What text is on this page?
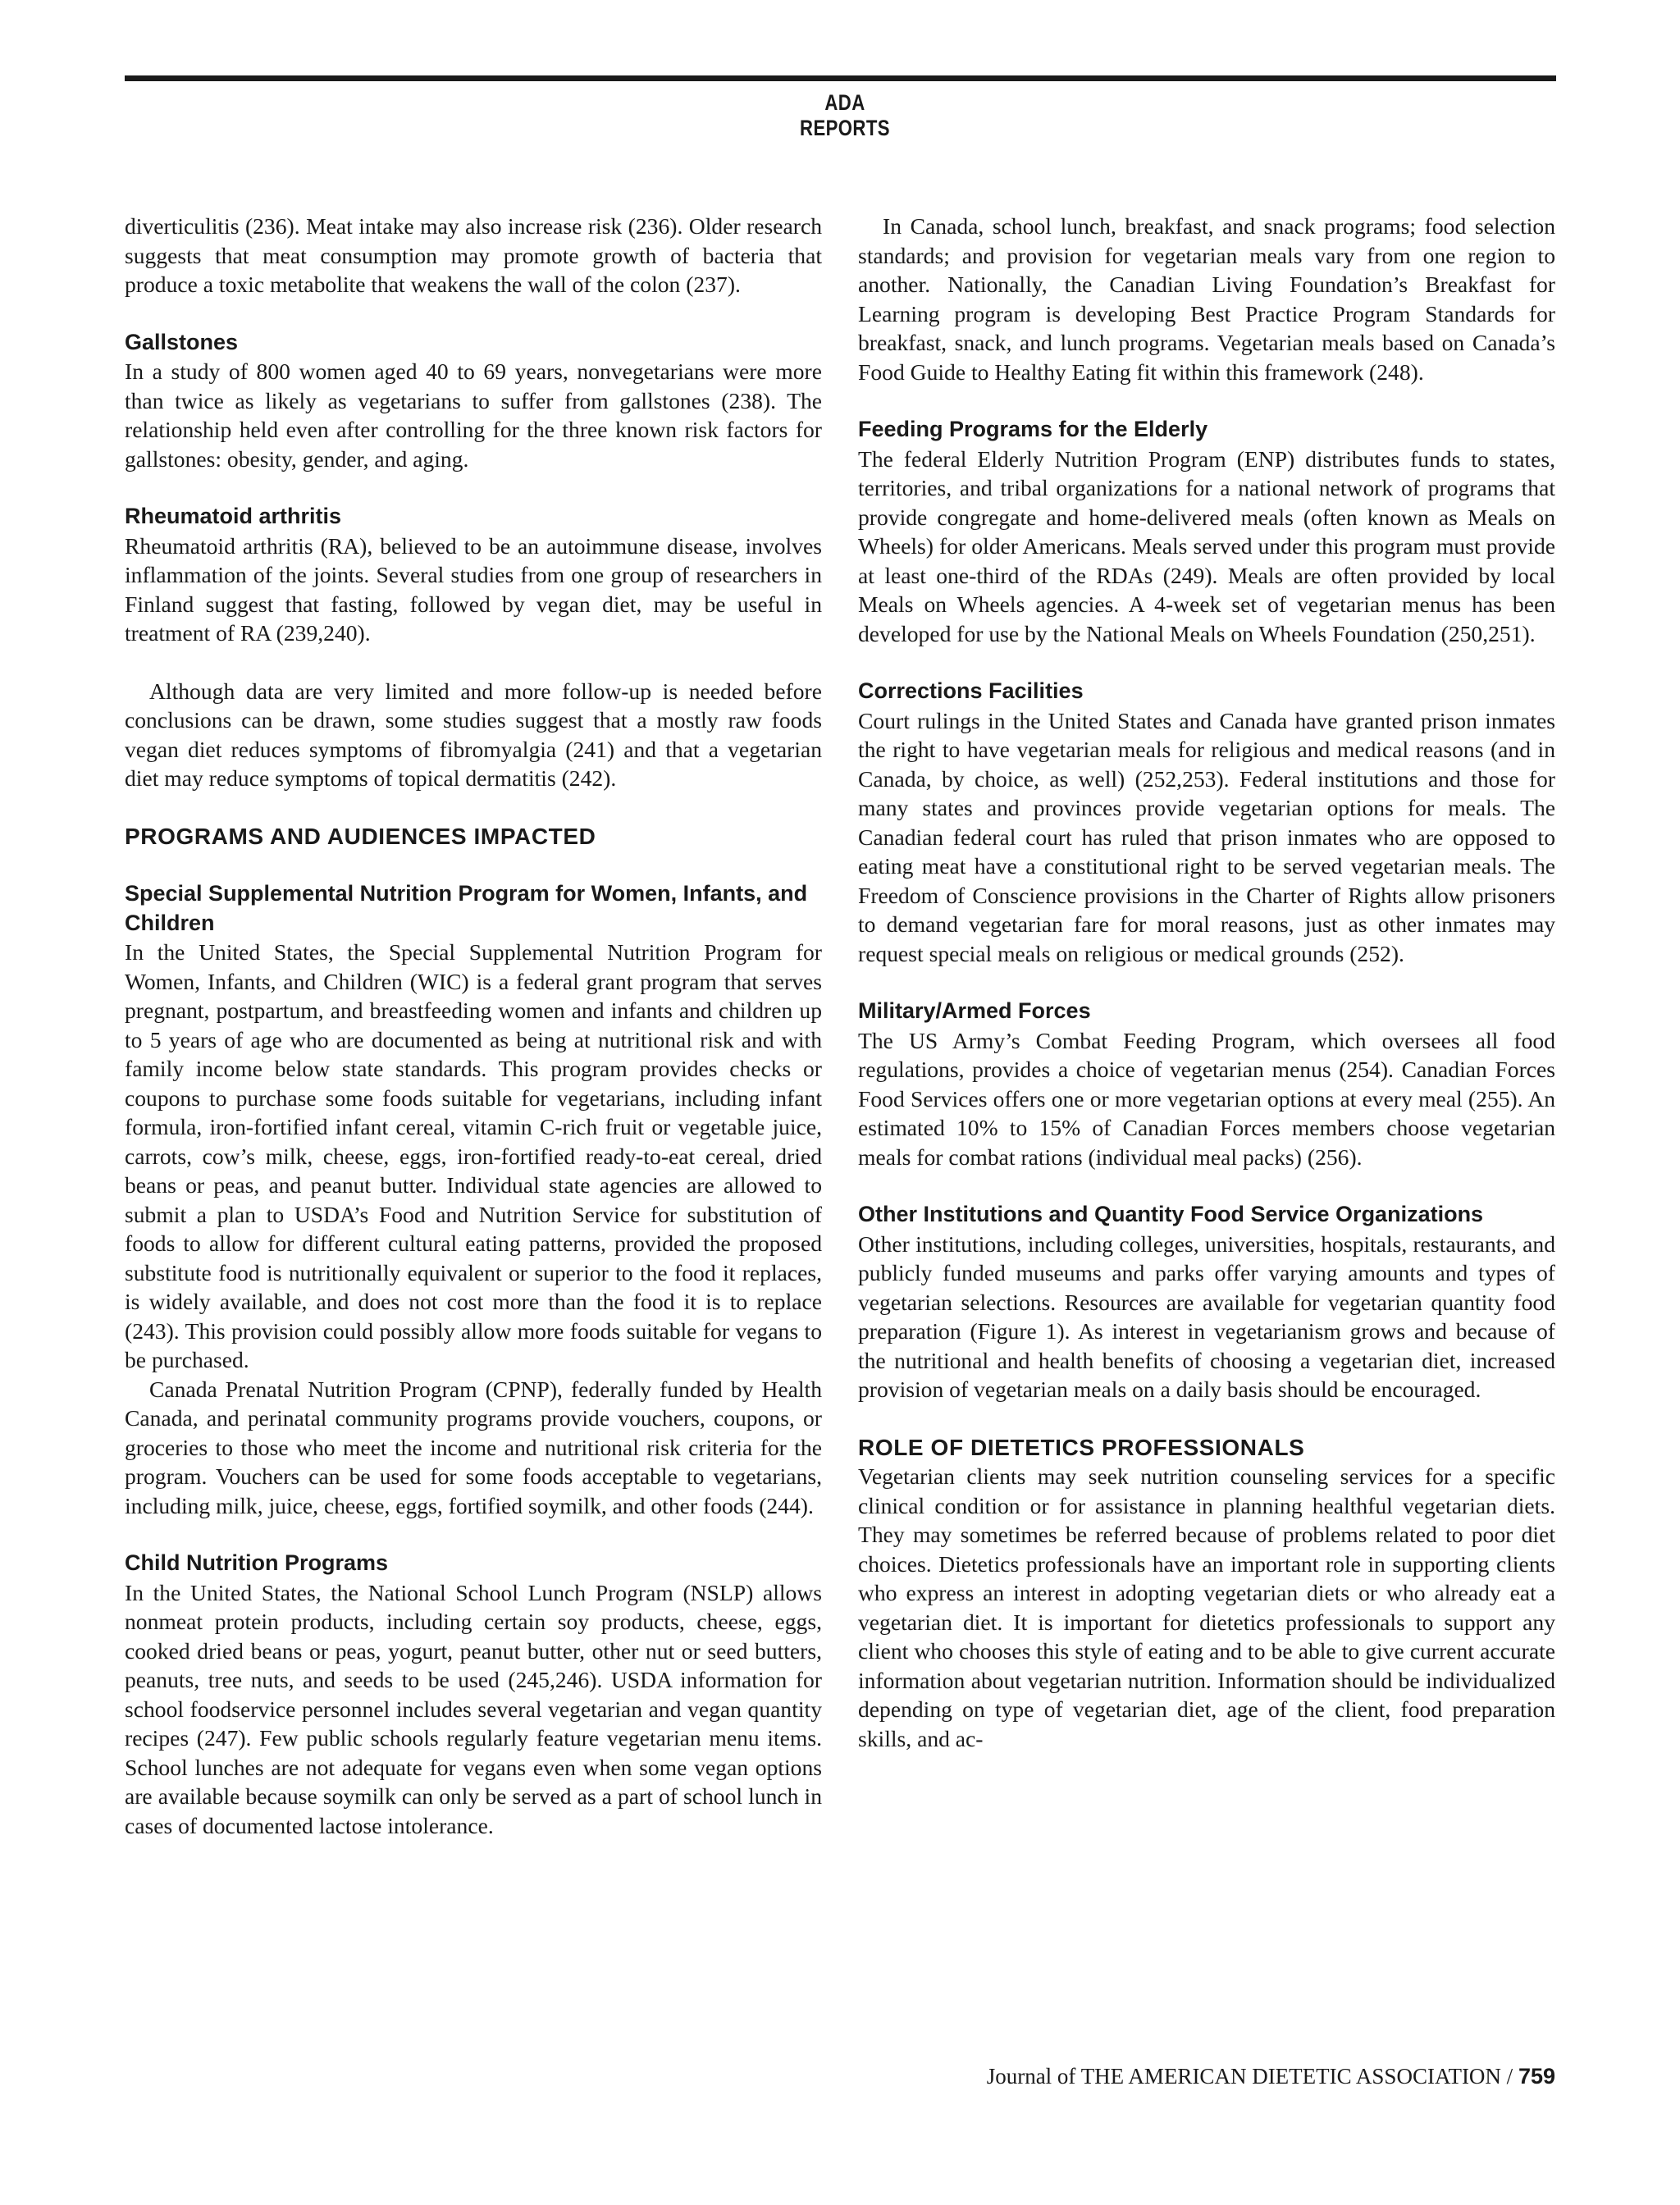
ADA REPORTS

diverticulitis (236). Meat intake may also increase risk (236). Older research suggests that meat consumption may promote growth of bacteria that produce a toxic metabolite that weakens the wall of the colon (237).

Gallstones

In a study of 800 women aged 40 to 69 years, nonvegetarians were more than twice as likely as vegetarians to suffer from gallstones (238). The relationship held even after controlling for the three known risk factors for gallstones: obesity, gender, and aging.

Rheumatoid arthritis

Rheumatoid arthritis (RA), believed to be an autoimmune disease, involves inflammation of the joints. Several studies from one group of researchers in Finland suggest that fasting, followed by vegan diet, may be useful in treatment of RA (239,240).

Although data are very limited and more follow-up is needed before conclusions can be drawn, some studies suggest that a mostly raw foods vegan diet reduces symptoms of fibromyalgia (241) and that a vegetarian diet may reduce symptoms of topical dermatitis (242).

PROGRAMS AND AUDIENCES IMPACTED
Special Supplemental Nutrition Program for Women, Infants, and Children

In the United States, the Special Supplemental Nutrition Program for Women, Infants, and Children (WIC) is a federal grant program that serves pregnant, postpartum, and breastfeeding women and infants and children up to 5 years of age who are documented as being at nutritional risk and with family income below state standards. This program provides checks or coupons to purchase some foods suitable for vegetarians, including infant formula, iron-fortified infant cereal, vitamin C-rich fruit or vegetable juice, carrots, cow’s milk, cheese, eggs, iron-fortified ready-to-eat cereal, dried beans or peas, and peanut butter. Individual state agencies are allowed to submit a plan to USDA’s Food and Nutrition Service for substitution of foods to allow for different cultural eating patterns, provided the proposed substitute food is nutritionally equivalent or superior to the food it replaces, is widely available, and does not cost more than the food it is to replace (243). This provision could possibly allow more foods suitable for vegans to be purchased.

Canada Prenatal Nutrition Program (CPNP), federally funded by Health Canada, and perinatal community programs provide vouchers, coupons, or groceries to those who meet the income and nutritional risk criteria for the program. Vouchers can be used for some foods acceptable to vegetarians, including milk, juice, cheese, eggs, fortified soymilk, and other foods (244).

Child Nutrition Programs

In the United States, the National School Lunch Program (NSLP) allows nonmeat protein products, including certain soy products, cheese, eggs, cooked dried beans or peas, yogurt, peanut butter, other nut or seed butters, peanuts, tree nuts, and seeds to be used (245,246). USDA information for school foodservice personnel includes several vegetarian and vegan quantity recipes (247). Few public schools regularly feature vegetarian menu items. School lunches are not adequate for vegans even when some vegan options are available because soymilk can only be served as a part of school lunch in cases of documented lactose intolerance.

In Canada, school lunch, breakfast, and snack programs; food selection standards; and provision for vegetarian meals vary from one region to another. Nationally, the Canadian Living Foundation’s Breakfast for Learning program is developing Best Practice Program Standards for breakfast, snack, and lunch programs. Vegetarian meals based on Canada’s Food Guide to Healthy Eating fit within this framework (248).

Feeding Programs for the Elderly

The federal Elderly Nutrition Program (ENP) distributes funds to states, territories, and tribal organizations for a national network of programs that provide congregate and home-delivered meals (often known as Meals on Wheels) for older Americans. Meals served under this program must provide at least one-third of the RDAs (249). Meals are often provided by local Meals on Wheels agencies. A 4-week set of vegetarian menus has been developed for use by the National Meals on Wheels Foundation (250,251).

Corrections Facilities

Court rulings in the United States and Canada have granted prison inmates the right to have vegetarian meals for religious and medical reasons (and in Canada, by choice, as well) (252,253). Federal institutions and those for many states and provinces provide vegetarian options for meals. The Canadian federal court has ruled that prison inmates who are opposed to eating meat have a constitutional right to be served vegetarian meals. The Freedom of Conscience provisions in the Charter of Rights allow prisoners to demand vegetarian fare for moral reasons, just as other inmates may request special meals on religious or medical grounds (252).

Military/Armed Forces

The US Army’s Combat Feeding Program, which oversees all food regulations, provides a choice of vegetarian menus (254). Canadian Forces Food Services offers one or more vegetarian options at every meal (255). An estimated 10% to 15% of Canadian Forces members choose vegetarian meals for combat rations (individual meal packs) (256).

Other Institutions and Quantity Food Service Organizations

Other institutions, including colleges, universities, hospitals, restaurants, and publicly funded museums and parks offer varying amounts and types of vegetarian selections. Resources are available for vegetarian quantity food preparation (Figure 1). As interest in vegetarianism grows and because of the nutritional and health benefits of choosing a vegetarian diet, increased provision of vegetarian meals on a daily basis should be encouraged.

ROLE OF DIETETICS PROFESSIONALS

Vegetarian clients may seek nutrition counseling services for a specific clinical condition or for assistance in planning healthful vegetarian diets. They may sometimes be referred because of problems related to poor diet choices. Dietetics professionals have an important role in supporting clients who express an interest in adopting vegetarian diets or who already eat a vegetarian diet. It is important for dietetics professionals to support any client who chooses this style of eating and to be able to give current accurate information about vegetarian nutrition. Information should be individualized depending on type of vegetarian diet, age of the client, food preparation skills, and ac-

Journal of THE AMERICAN DIETETIC ASSOCIATION / 759
